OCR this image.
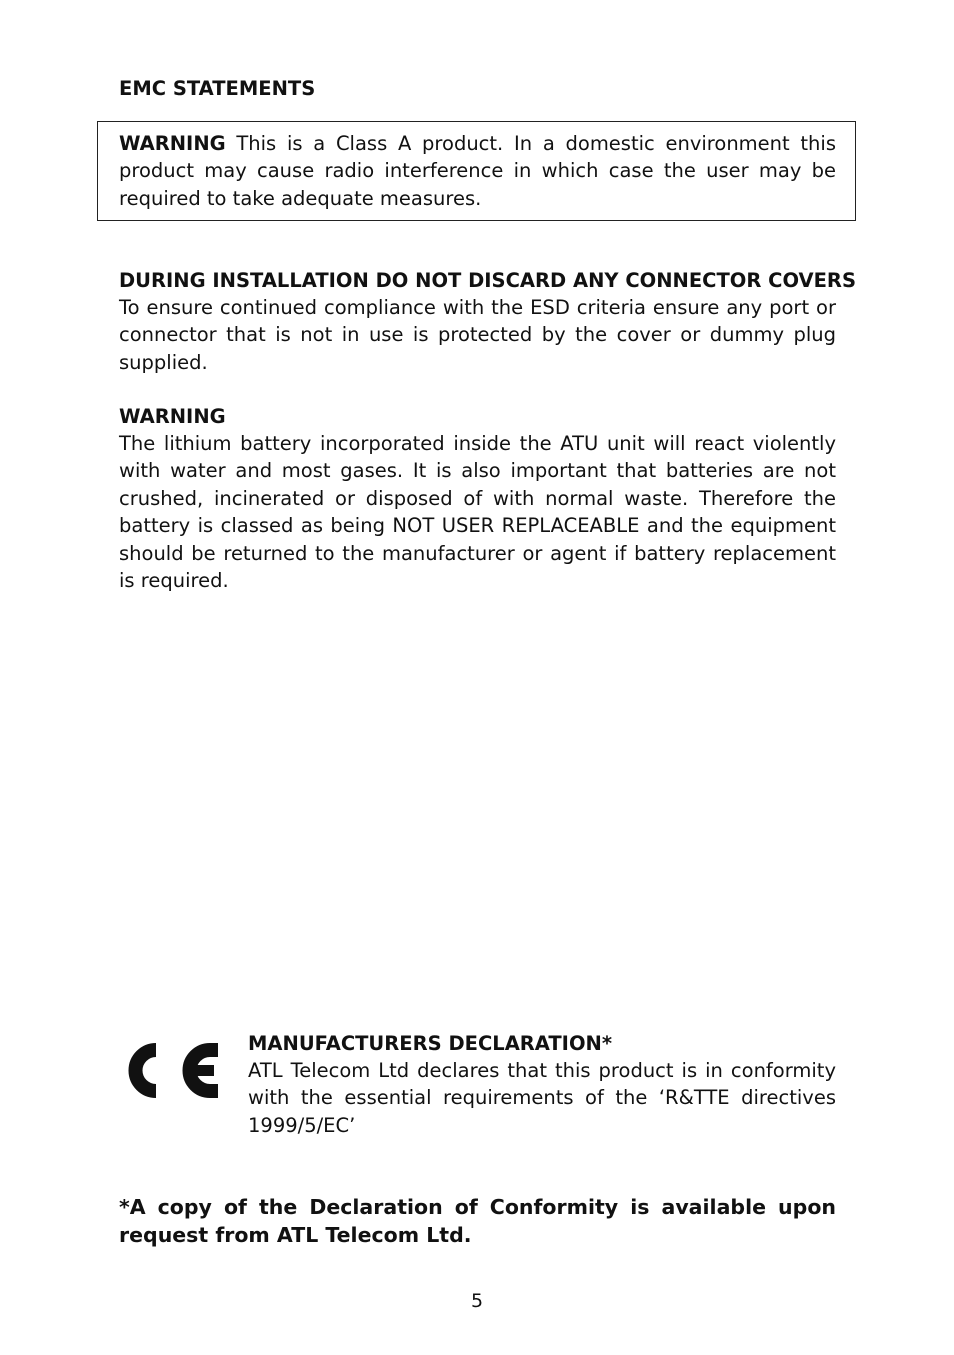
EMC STATEMENTS

WARNING This is a Class A product. In a domestic environment this product may cause radio interference in which case the user may be required to take adequate measures.

DURING INSTALLATION DO NOT DISCARD ANY CONNECTOR COVERS

To ensure continued compliance with the ESD criteria ensure any port or connector that is not in use is protected by the cover or dummy plug supplied.

WARNING

The lithium battery incorporated inside the ATU unit will react violently with water and most gases. It is also important that batteries are not crushed, incinerated or disposed of with normal waste. Therefore the battery is classed as being NOT USER REPLACEABLE and the equipment should be returned to the manufacturer or agent if battery replacement is required.

MANUFACTURERS DECLARATION*

ATL Telecom Ltd declares that this product is in conformity with the essential requirements of the ‘R&TTE directives 1999/5/EC’

*A copy of the Declaration of Conformity is available upon request from ATL Telecom Ltd.

5
